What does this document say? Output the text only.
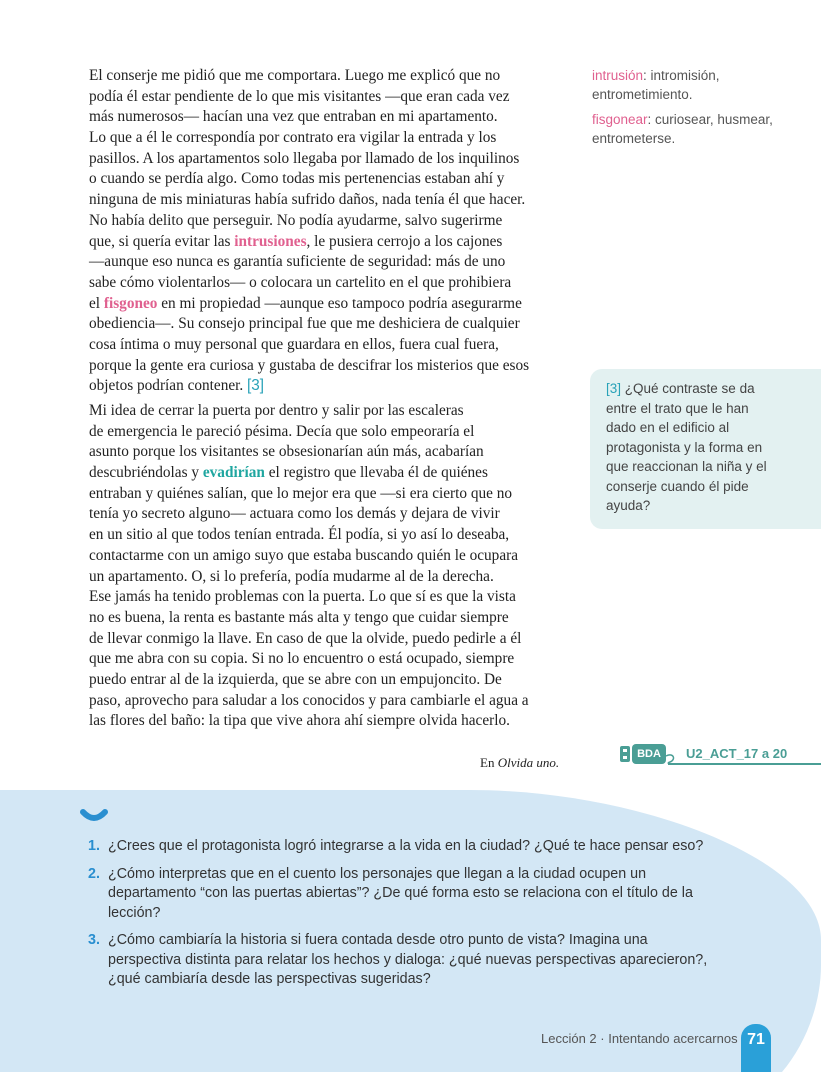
El conserje me pidió que me comportara. Luego me explicó que no
podía él estar pendiente de lo que mis visitantes —que eran cada vez
más numerosos— hacían una vez que entraban en mi apartamento.
Lo que a él le correspondía por contrato era vigilar la entrada y los
pasillos. A los apartamentos solo llegaba por llamado de los inquilinos
o cuando se perdía algo. Como todas mis pertenencias estaban ahí y
ninguna de mis miniaturas había sufrido daños, nada tenía él que hacer.
No había delito que perseguir. No podía ayudarme, salvo sugerirme
que, si quería evitar las intrusiones, le pusiera cerrojo a los cajones
—aunque eso nunca es garantía suficiente de seguridad: más de uno
sabe cómo violentarlos— o colocara un cartelito en el que prohibiera
el fisgoneo en mi propiedad —aunque eso tampoco podría asegurarme
obediencia—. Su consejo principal fue que me deshiciera de cualquier
cosa íntima o muy personal que guardara en ellos, fuera cual fuera,
porque la gente era curiosa y gustaba de descifrar los misterios que esos
objetos podrían contener. [3]
Mi idea de cerrar la puerta por dentro y salir por las escaleras
de emergencia le pareció pésima. Decía que solo empeoraría el
asunto porque los visitantes se obsesionarían aún más, acabarían
descubriéndolas y evadirían el registro que llevaba él de quiénes
entraban y quiénes salían, que lo mejor era que —si era cierto que no
tenía yo secreto alguno— actuara como los demás y dejara de vivir
en un sitio al que todos tenían entrada. Él podía, si yo así lo deseaba,
contactarme con un amigo suyo que estaba buscando quién le ocupara
un apartamento. O, si lo prefería, podía mudarme al de la derecha.
Ese jamás ha tenido problemas con la puerta. Lo que sí es que la vista
no es buena, la renta es bastante más alta y tengo que cuidar siempre
de llevar conmigo la llave. En caso de que la olvide, puedo pedirle a él
que me abra con su copia. Si no lo encuentro o está ocupado, siempre
puedo entrar al de la izquierda, que se abre con un empujoncito. De
paso, aprovecho para saludar a los conocidos y para cambiarle el agua a
las flores del baño: la tipa que vive ahora ahí siempre olvida hacerlo.
En Olvida uno.

intrusión: intromisión, entrometimiento.

fisgonear: curiosear, husmear, entrometerse.

[3] ¿Qué contraste se da entre el trato que le han dado en el edificio al protagonista y la forma en que reaccionan la niña y el conserje cuando él pide ayuda?
BDA	U2_ACT_17 a 20
1. ¿Crees que el protagonista logró integrarse a la vida en la ciudad? ¿Qué te hace pensar eso?
2. ¿Cómo interpretas que en el cuento los personajes que llegan a la ciudad ocupen un departamento “con las puertas abiertas”? ¿De qué forma esto se relaciona con el título de la lección?
3. ¿Cómo cambiaría la historia si fuera contada desde otro punto de vista? Imagina una perspectiva distinta para relatar los hechos y dialoga: ¿qué nuevas perspectivas aparecieron?, ¿qué cambiaría desde las perspectivas sugeridas?
Lección 2 · Intentando acercarnos 71
